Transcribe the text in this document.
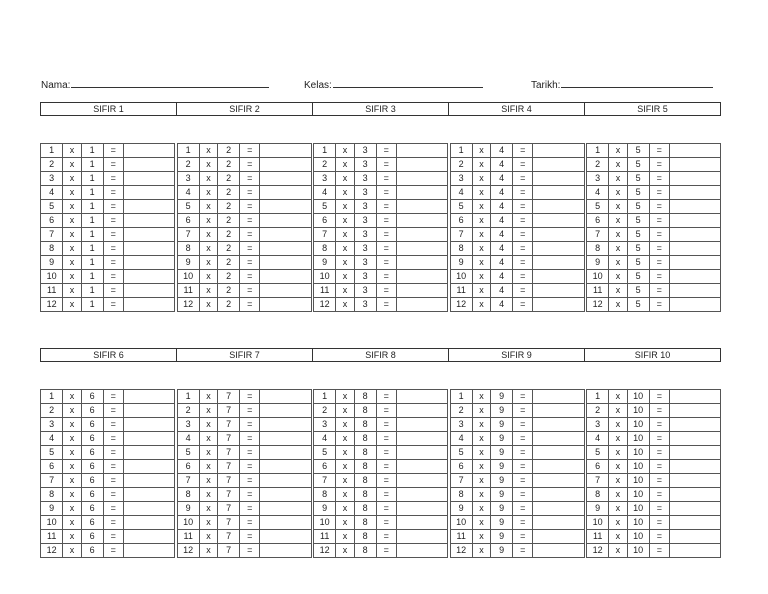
Nama:	Kelas:	Tarikh:
SIFIR 1	SIFIR 2	SIFIR 3	SIFIR 4	SIFIR 5
1	x	1	=	
2	x	1	=	
3	x	1	=	
4	x	1	=	
5	x	1	=	
6	x	1	=	
7	x	1	=	
8	x	1	=	
9	x	1	=	
10	x	1	=	
11	x	1	=	
12	x	1	=	
1	x	2	=	
2	x	2	=	
3	x	2	=	
4	x	2	=	
5	x	2	=	
6	x	2	=	
7	x	2	=	
8	x	2	=	
9	x	2	=	
10	x	2	=	
11	x	2	=	
12	x	2	=	
1	x	3	=	
2	x	3	=	
3	x	3	=	
4	x	3	=	
5	x	3	=	
6	x	3	=	
7	x	3	=	
8	x	3	=	
9	x	3	=	
10	x	3	=	
11	x	3	=	
12	x	3	=	
1	x	4	=	
2	x	4	=	
3	x	4	=	
4	x	4	=	
5	x	4	=	
6	x	4	=	
7	x	4	=	
8	x	4	=	
9	x	4	=	
10	x	4	=	
11	x	4	=	
12	x	4	=	
1	x	5	=	
2	x	5	=	
3	x	5	=	
4	x	5	=	
5	x	5	=	
6	x	5	=	
7	x	5	=	
8	x	5	=	
9	x	5	=	
10	x	5	=	
11	x	5	=	
12	x	5	=	
SIFIR 6	SIFIR 7	SIFIR 8	SIFIR 9	SIFIR 10
1	x	6	=	
2	x	6	=	
3	x	6	=	
4	x	6	=	
5	x	6	=	
6	x	6	=	
7	x	6	=	
8	x	6	=	
9	x	6	=	
10	x	6	=	
11	x	6	=	
12	x	6	=	
1	x	7	=	
2	x	7	=	
3	x	7	=	
4	x	7	=	
5	x	7	=	
6	x	7	=	
7	x	7	=	
8	x	7	=	
9	x	7	=	
10	x	7	=	
11	x	7	=	
12	x	7	=	
1	x	8	=	
2	x	8	=	
3	x	8	=	
4	x	8	=	
5	x	8	=	
6	x	8	=	
7	x	8	=	
8	x	8	=	
9	x	8	=	
10	x	8	=	
11	x	8	=	
12	x	8	=	
1	x	9	=	
2	x	9	=	
3	x	9	=	
4	x	9	=	
5	x	9	=	
6	x	9	=	
7	x	9	=	
8	x	9	=	
9	x	9	=	
10	x	9	=	
11	x	9	=	
12	x	9	=	
1	x	10	=	
2	x	10	=	
3	x	10	=	
4	x	10	=	
5	x	10	=	
6	x	10	=	
7	x	10	=	
8	x	10	=	
9	x	10	=	
10	x	10	=	
11	x	10	=	
12	x	10	=	
